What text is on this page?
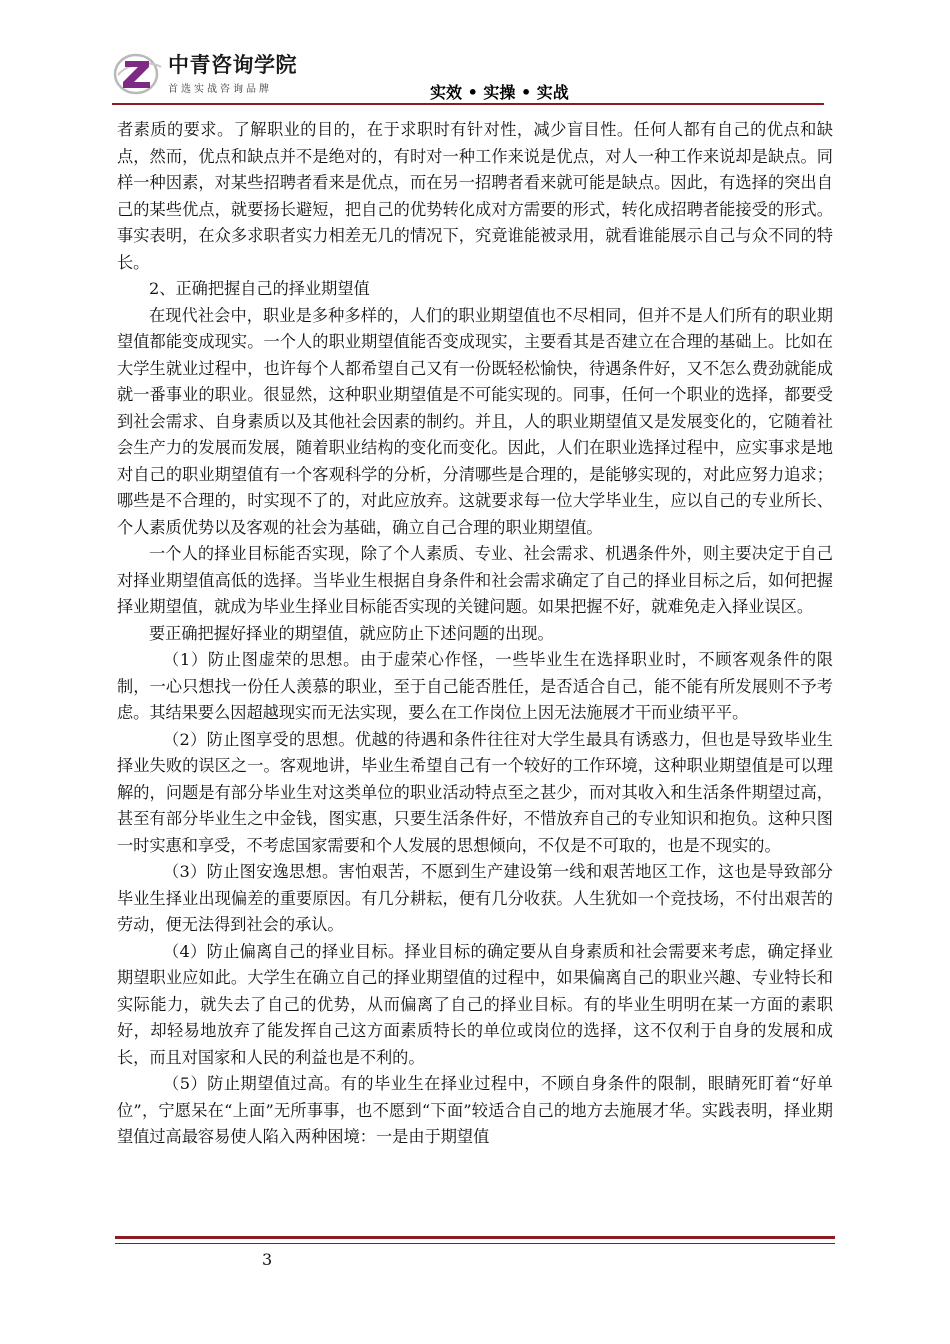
中青咨询学院
首选实战咨询品牌	实效 • 实操 • 实战

者素质的要求。了解职业的目的，在于求职时有针对性，减少盲目性。任何人都有自己的优点和缺点，然而，优点和缺点并不是绝对的，有时对一种工作来说是优点，对人一种工作来说却是缺点。同样一种因素，对某些招聘者看来是优点，而在另一招聘者看来就可能是缺点。因此，有选择的突出自己的某些优点，就要扬长避短，把自己的优势转化成对方需要的形式，转化成招聘者能接受的形式。事实表明，在众多求职者实力相差无几的情况下，究竟谁能被录用，就看谁能展示自己与众不同的特长。

2、正确把握自己的择业期望值

在现代社会中，职业是多种多样的，人们的职业期望值也不尽相同，但并不是人们所有的职业期望值都能变成现实。一个人的职业期望值能否变成现实，主要看其是否建立在合理的基础上。比如在大学生就业过程中，也许每个人都希望自己又有一份既轻松愉快，待遇条件好，又不怎么费劲就能成就一番事业的职业。很显然，这种职业期望值是不可能实现的。同事，任何一个职业的选择，都要受到社会需求、自身素质以及其他社会因素的制约。并且，人的职业期望值又是发展变化的，它随着社会生产力的发展而发展，随着职业结构的变化而变化。因此，人们在职业选择过程中，应实事求是地对自己的职业期望值有一个客观科学的分析，分清哪些是合理的，是能够实现的，对此应努力追求；哪些是不合理的，时实现不了的，对此应放弃。这就要求每一位大学毕业生，应以自己的专业所长、个人素质优势以及客观的社会为基础，确立自己合理的职业期望值。

一个人的择业目标能否实现，除了个人素质、专业、社会需求、机遇条件外，则主要决定于自己对择业期望值高低的选择。当毕业生根据自身条件和社会需求确定了自己的择业目标之后，如何把握择业期望值，就成为毕业生择业目标能否实现的关键问题。如果把握不好，就难免走入择业误区。

要正确把握好择业的期望值，就应防止下述问题的出现。

（1）防止图虚荣的思想。由于虚荣心作怪，一些毕业生在选择职业时，不顾客观条件的限制，一心只想找一份任人羡慕的职业，至于自己能否胜任，是否适合自己，能不能有所发展则不予考虑。其结果要么因超越现实而无法实现，要么在工作岗位上因无法施展才干而业绩平平。

（2）防止图享受的思想。优越的待遇和条件往往对大学生最具有诱惑力，但也是导致毕业生择业失败的误区之一。客观地讲，毕业生希望自己有一个较好的工作环境，这种职业期望值是可以理解的，问题是有部分毕业生对这类单位的职业活动特点至之甚少，而对其收入和生活条件期望过高，甚至有部分毕业生之中金钱，图实惠，只要生活条件好，不惜放弃自己的专业知识和抱负。这种只图一时实惠和享受，不考虑国家需要和个人发展的思想倾向，不仅是不可取的，也是不现实的。

（3）防止图安逸思想。害怕艰苦，不愿到生产建设第一线和艰苦地区工作，这也是导致部分毕业生择业出现偏差的重要原因。有几分耕耘，便有几分收获。人生犹如一个竞技场，不付出艰苦的劳动，便无法得到社会的承认。

（4）防止偏离自己的择业目标。择业目标的确定要从自身素质和社会需要来考虑，确定择业期望职业应如此。大学生在确立自己的择业期望值的过程中，如果偏离自己的职业兴趣、专业特长和实际能力，就失去了自己的优势，从而偏离了自己的择业目标。有的毕业生明明在某一方面的素职好，却轻易地放弃了能发挥自己这方面素质特长的单位或岗位的选择，这不仅利于自身的发展和成长，而且对国家和人民的利益也是不利的。

（5）防止期望值过高。有的毕业生在择业过程中，不顾自身条件的限制，眼睛死盯着“好单位”，宁愿呆在“上面”无所事事，也不愿到“下面”较适合自己的地方去施展才华。实践表明，择业期望值过高最容易使人陷入两种困境：一是由于期望值

3
